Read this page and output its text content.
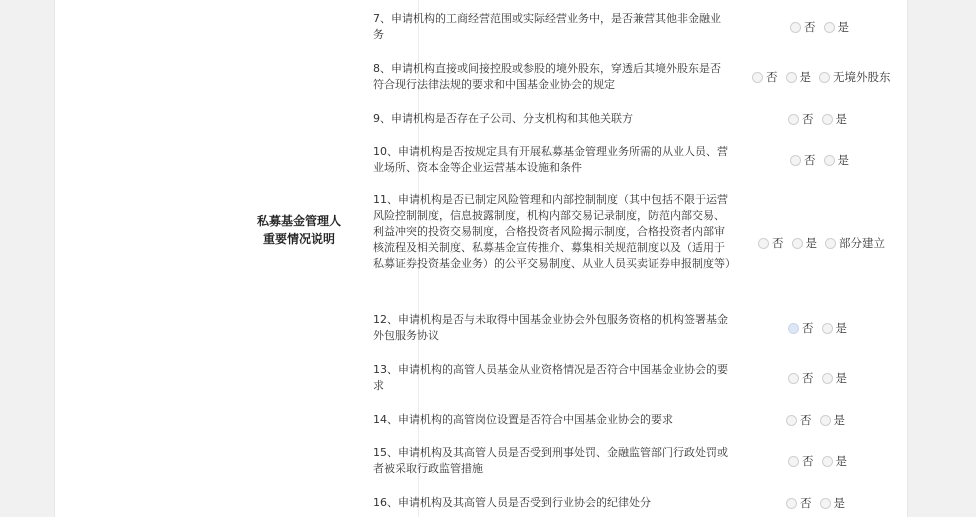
私募基金管理人
重要情况说明
7、申请机构的工商经营范围或实际经营业务中，是否兼营其他非金融业务
否 是
8、申请机构直接或间接控股或参股的境外股东，穿透后其境外股东是否符合现行法律法规的要求和中国基金业协会的规定
否 是 无境外股东
9、申请机构是否存在子公司、分支机构和其他关联方	否 是
10、申请机构是否按规定具有开展私募基金管理业务所需的从业人员、营业场所、资本金等企业运营基本设施和条件
否 是
11、申请机构是否已制定风险管理和内部控制制度（其中包括不限于运营风险控制制度，信息披露制度，机构内部交易记录制度，防范内部交易、利益冲突的投资交易制度，合格投资者风险揭示制度，合格投资者内部审核流程及相关制度、私募基金宣传推介、募集相关规范制度以及（适用于私募证券投资基金业务）的公平交易制度、从业人员买卖证券申报制度等）
否 是 部分建立
12、申请机构是否与未取得中国基金业协会外包服务资格的机构签署基金外包服务协议
否 是
13、申请机构的高管人员基金从业资格情况是否符合中国基金业协会的要求
否 是
14、申请机构的高管岗位设置是否符合中国基金业协会的要求	否 是
15、申请机构及其高管人员是否受到刑事处罚、金融监管部门行政处罚或者被采取行政监管措施
否 是
16、申请机构及其高管人员是否受到行业协会的纪律处分	否 是
